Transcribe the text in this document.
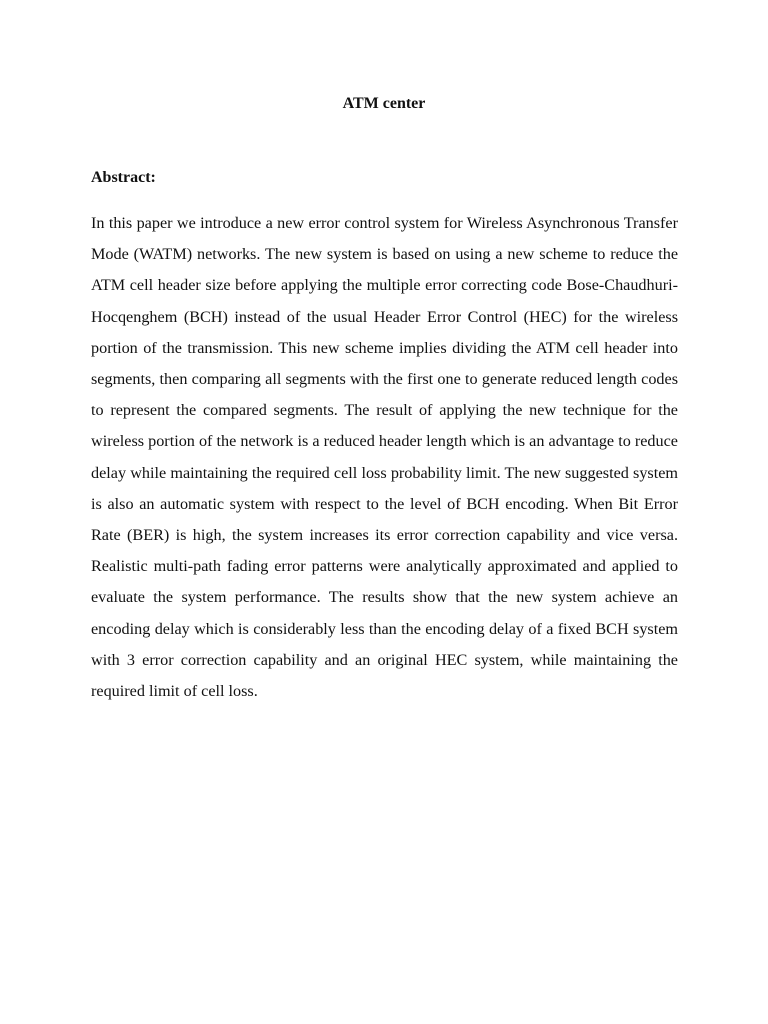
ATM center
Abstract:

In this paper we introduce a new error control system for Wireless Asynchronous Transfer Mode (WATM) networks. The new system is based on using a new scheme to reduce the ATM cell header size before applying the multiple error correcting code Bose-Chaudhuri-Hocqenghem (BCH) instead of the usual Header Error Control (HEC) for the wireless portion of the transmission. This new scheme implies dividing the ATM cell header into segments, then comparing all segments with the first one to generate reduced length codes to represent the compared segments. The result of applying the new technique for the wireless portion of the network is a reduced header length which is an advantage to reduce delay while maintaining the required cell loss probability limit. The new suggested system is also an automatic system with respect to the level of BCH encoding. When Bit Error Rate (BER) is high, the system increases its error correction capability and vice versa. Realistic multi-path fading error patterns were analytically approximated and applied to evaluate the system performance. The results show that the new system achieve an encoding delay which is considerably less than the encoding delay of a fixed BCH system with 3 error correction capability and an original HEC system, while maintaining the required limit of cell loss.
